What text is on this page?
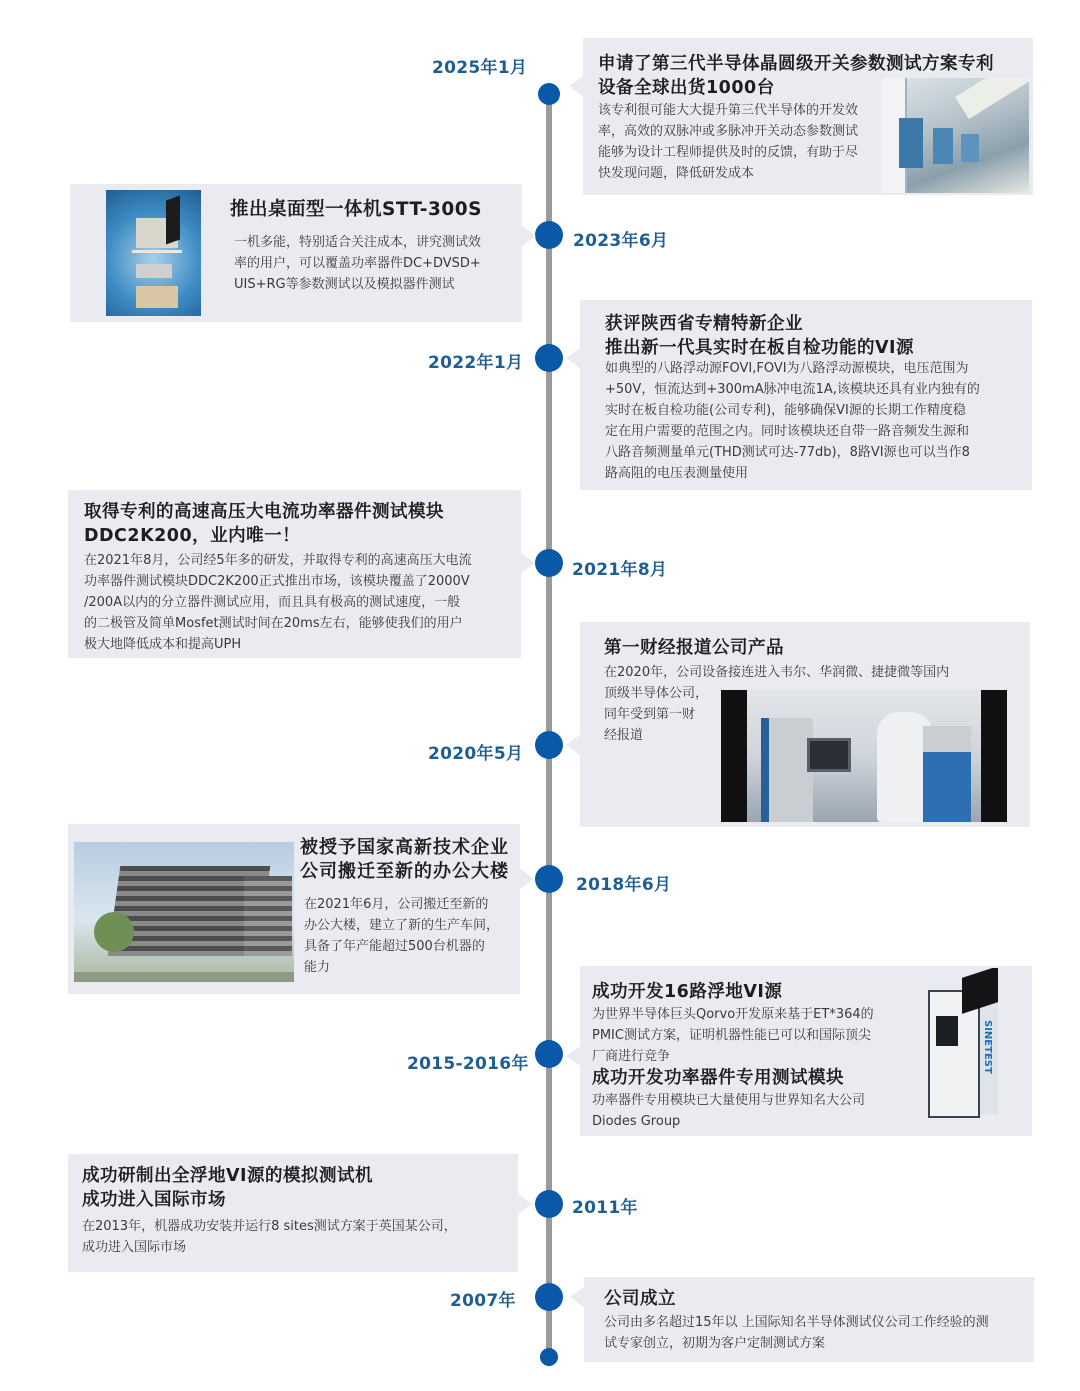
2025年1月
2023年6月
2022年1月
2021年8月
2020年5月
2018年6月
2015-2016年
2011年
2007年
申请了第三代半导体晶圆级开关参数测试方案专利
设备全球出货1000台
该专利很可能大大提升第三代半导体的开发效
率，高效的双脉冲或多脉冲开关动态参数测试
能够为设计工程师提供及时的反馈，有助于尽
快发现问题，降低研发成本
推出桌面型一体机STT-300S
一机多能，特别适合关注成本，讲究测试效
率的用户，可以覆盖功率器件DC+DVSD+
UIS+RG等参数测试以及模拟器件测试
获评陕西省专精特新企业
推出新一代具实时在板自检功能的VI源
如典型的八路浮动源FOVI,FOVI为八路浮动源模块，电压范围为
+50V，恒流达到+300mA脉冲电流1A,该模块还具有业内独有的
实时在板自检功能(公司专利)，能够确保VI源的长期工作精度稳
定在用户需要的范围之内。同时该模块还自带一路音频发生源和
八路音频测量单元(THD测试可达-77db)，8路VI源也可以当作8
路高阻的电压表测量使用
取得专利的高速高压大电流功率器件测试模块
DDC2K200，业内唯一！
在2021年8月，公司经5年多的研发，并取得专利的高速高压大电流
功率器件测试模块DDC2K200正式推出市场，该模块覆盖了2000V
/200A以内的分立器件测试应用，而且具有极高的测试速度，一般
的二极管及简单Mosfet测试时间在20ms左右，能够使我们的用户
极大地降低成本和提高UPH	第一财经报道公司产品
在2020年，公司设备接连进入韦尔、华润微、捷捷微等国内
顶级半导体公司，
同年受到第一财
经报道
被授予国家高新技术企业
公司搬迁至新的办公大楼
在2021年6月，公司搬迁至新的
办公大楼，建立了新的生产车间，
具备了年产能超过500台机器的
能力
成功开发16路浮地VI源
为世界半导体巨头Qorvo开发原来基于ET*364的
PMIC测试方案，证明机器性能已可以和国际顶尖
厂商进行竞争
成功开发功率器件专用测试模块
功率器件专用模块已大量使用与世界知名大公司
Diodes Group
SINETEST
成功研制出全浮地VI源的模拟测试机
成功进入国际市场
在2013年，机器成功安装并运行8 sites测试方案于英国某公司，
成功进入国际市场
公司成立
公司由多名超过15年以 上国际知名半导体测试仪公司工作经验的测
试专家创立，初期为客户定制测试方案
